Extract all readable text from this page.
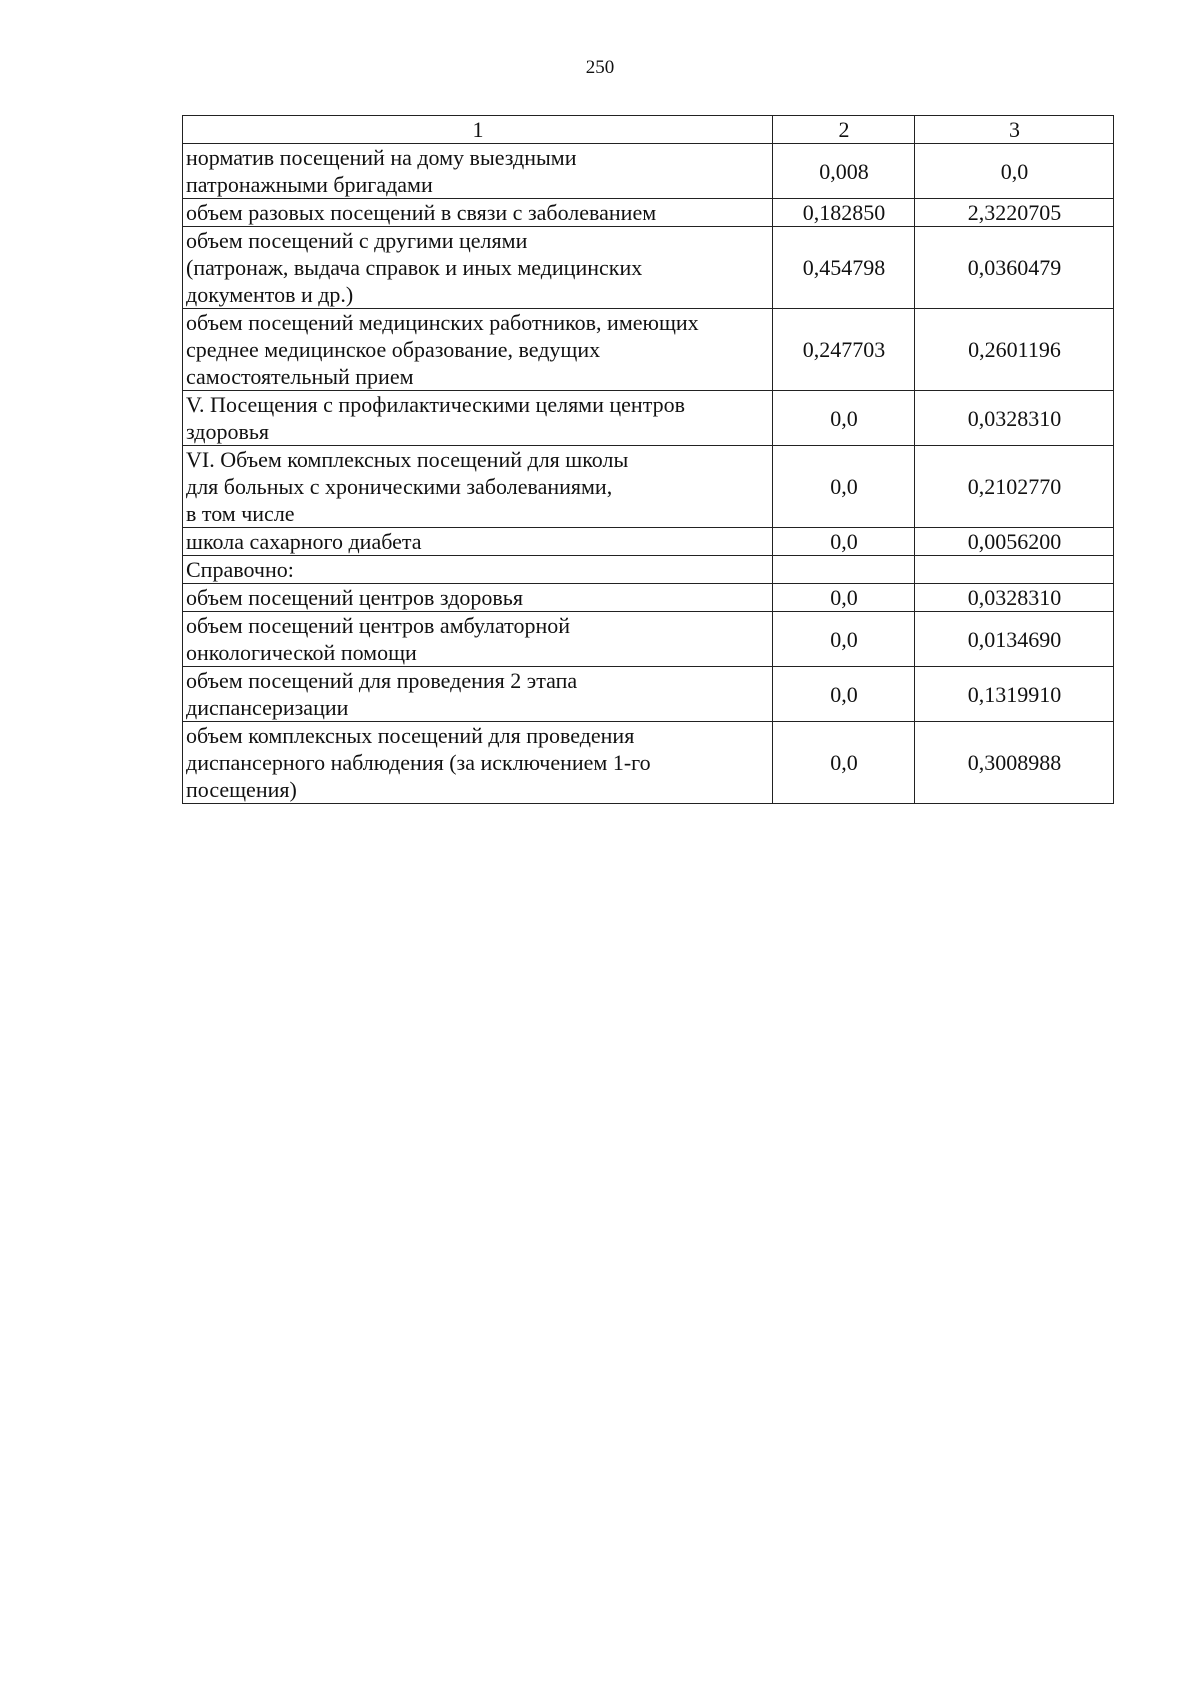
250
1	2	3
норматив посещений на дому выездными
патронажными бригадами	0,008	0,0
объем разовых посещений в связи с заболеванием	0,182850	2,3220705
объем посещений с другими целями
(патронаж, выдача справок и иных медицинских
документов и др.)	0,454798	0,0360479
объем посещений медицинских работников, имеющих
среднее медицинское образование, ведущих
самостоятельный прием	0,247703	0,2601196
V. Посещения с профилактическими целями центров
здоровья	0,0	0,0328310
VI. Объем комплексных посещений для школы
для больных с хроническими заболеваниями,
в том числе	0,0	0,2102770
школа сахарного диабета	0,0	0,0056200
Справочно:		
объем посещений центров здоровья	0,0	0,0328310
объем посещений центров амбулаторной
онкологической помощи	0,0	0,0134690
объем посещений для проведения 2 этапа
диспансеризации	0,0	0,1319910
объем комплексных посещений для проведения
диспансерного наблюдения (за исключением 1-го
посещения)	0,0	0,3008988
